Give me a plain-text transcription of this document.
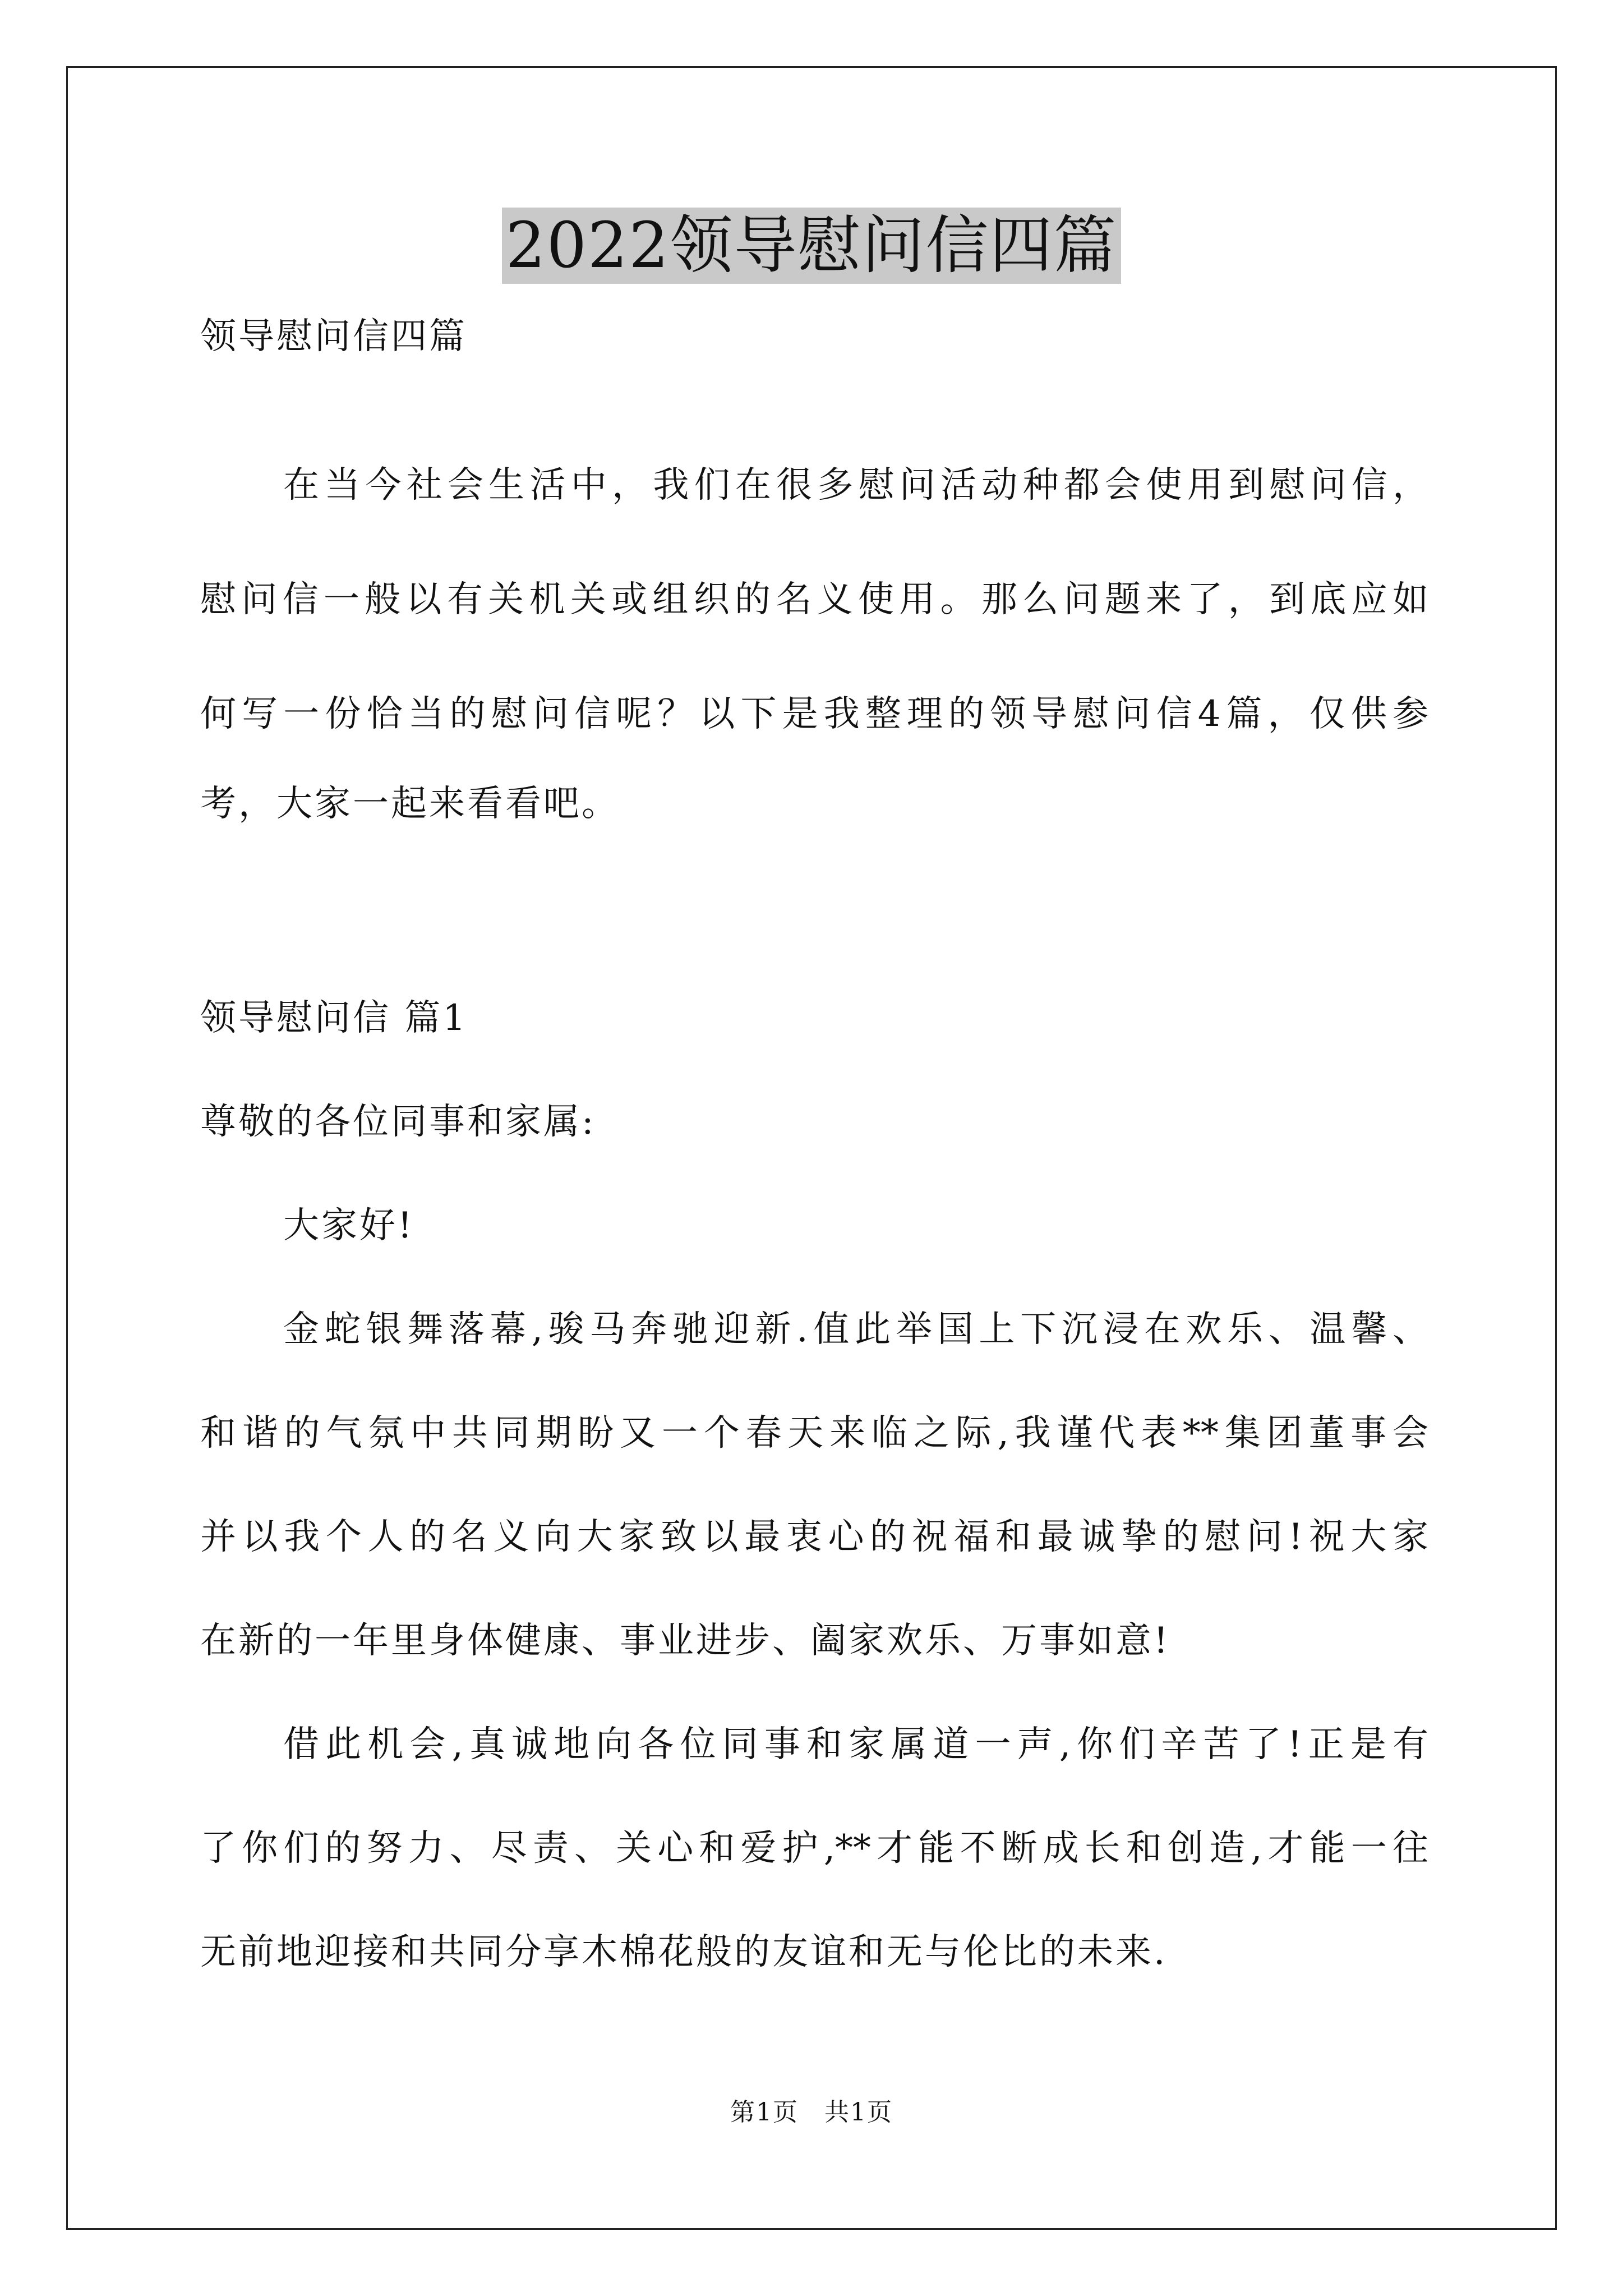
2022领导慰问信四篇
领导慰问信四篇
在当今社会生活中，我们在很多慰问活动种都会使用到慰问信，
慰问信一般以有关机关或组织的名义使用。那么问题来了，到底应如
何写一份恰当的慰问信呢？以下是我整理的领导慰问信4篇，仅供参
考，大家一起来看看吧。
领导慰问信 篇1
尊敬的各位同事和家属:
大家好!
金蛇银舞落幕,骏马奔驰迎新.值此举国上下沉浸在欢乐、温馨、
和谐的气氛中共同期盼又一个春天来临之际,我谨代表**集团董事会
并以我个人的名义向大家致以最衷心的祝福和最诚挚的慰问!祝大家
在新的一年里身体健康、事业进步、阖家欢乐、万事如意!
借此机会,真诚地向各位同事和家属道一声,你们辛苦了!正是有
了你们的努力、尽责、关心和爱护,**才能不断成长和创造,才能一往
无前地迎接和共同分享木棉花般的友谊和无与伦比的未来.
第1页　共1页
